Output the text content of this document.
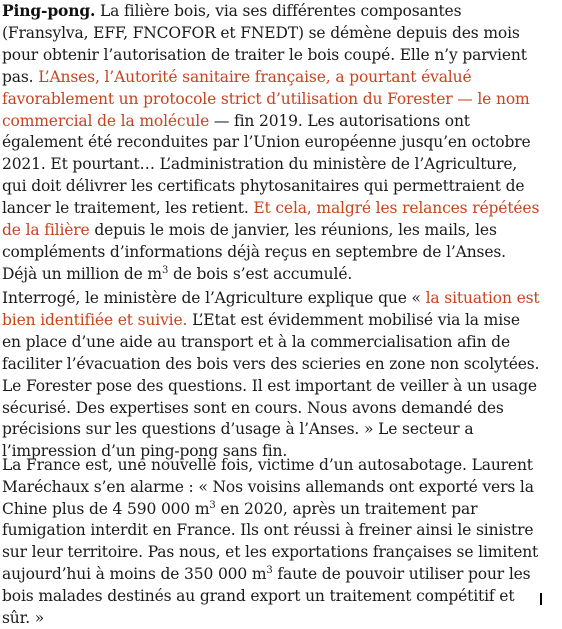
Ping-pong. La filière bois, via ses différentes composantes (Fransylva, EFF, FNCOFOR et FNEDT) se démène depuis des mois pour obtenir l’autorisation de traiter le bois coupé. Elle n’y parvient pas. L’Anses, l’Autorité sanitaire française, a pourtant évalué favorablement un protocole strict d’utilisation du Forester — le nom commercial de la molécule — fin 2019. Les autorisations ont également été reconduites par l’Union européenne jusqu’en octobre 2021. Et pourtant… L’administration du ministère de l’Agriculture, qui doit délivrer les certificats phytosanitaires qui permettraient de lancer le traitement, les retient. Et cela, malgré les relances répétées de la filière depuis le mois de janvier, les réunions, les mails, les compléments d’informations déjà reçus en septembre de l’Anses. Déjà un million de $m^3$ de bois s’est accumulé.

Interrogé, le ministère de l’Agriculture explique que « la situation est bien identifiée et suivie. L’Etat est évidemment mobilisé via la mise en place d’une aide au transport et à la commercialisation afin de faciliter l’évacuation des bois vers des scieries en zone non scolytées. Le Forester pose des questions. Il est important de veiller à un usage sécurisé. Des expertises sont en cours. Nous avons demandé des précisions sur les questions d’usage à l’Anses. » Le secteur a l’impression d’un ping-pong sans fin.

La France est, une nouvelle fois, victime d’un autosabotage. Laurent Maréchaux s’en alarme : « Nos voisins allemands ont exporté vers la Chine plus de 4 590 000 $m^3$ en 2020, après un traitement par fumigation interdit en France. Ils ont réussi à freiner ainsi le sinistre sur leur territoire. Pas nous, et les exportations françaises se limitent aujourd’hui à moins de 350 000 $m^3$ faute de pouvoir utiliser pour les bois malades destinés au grand export un traitement compétitif et sûr. »
